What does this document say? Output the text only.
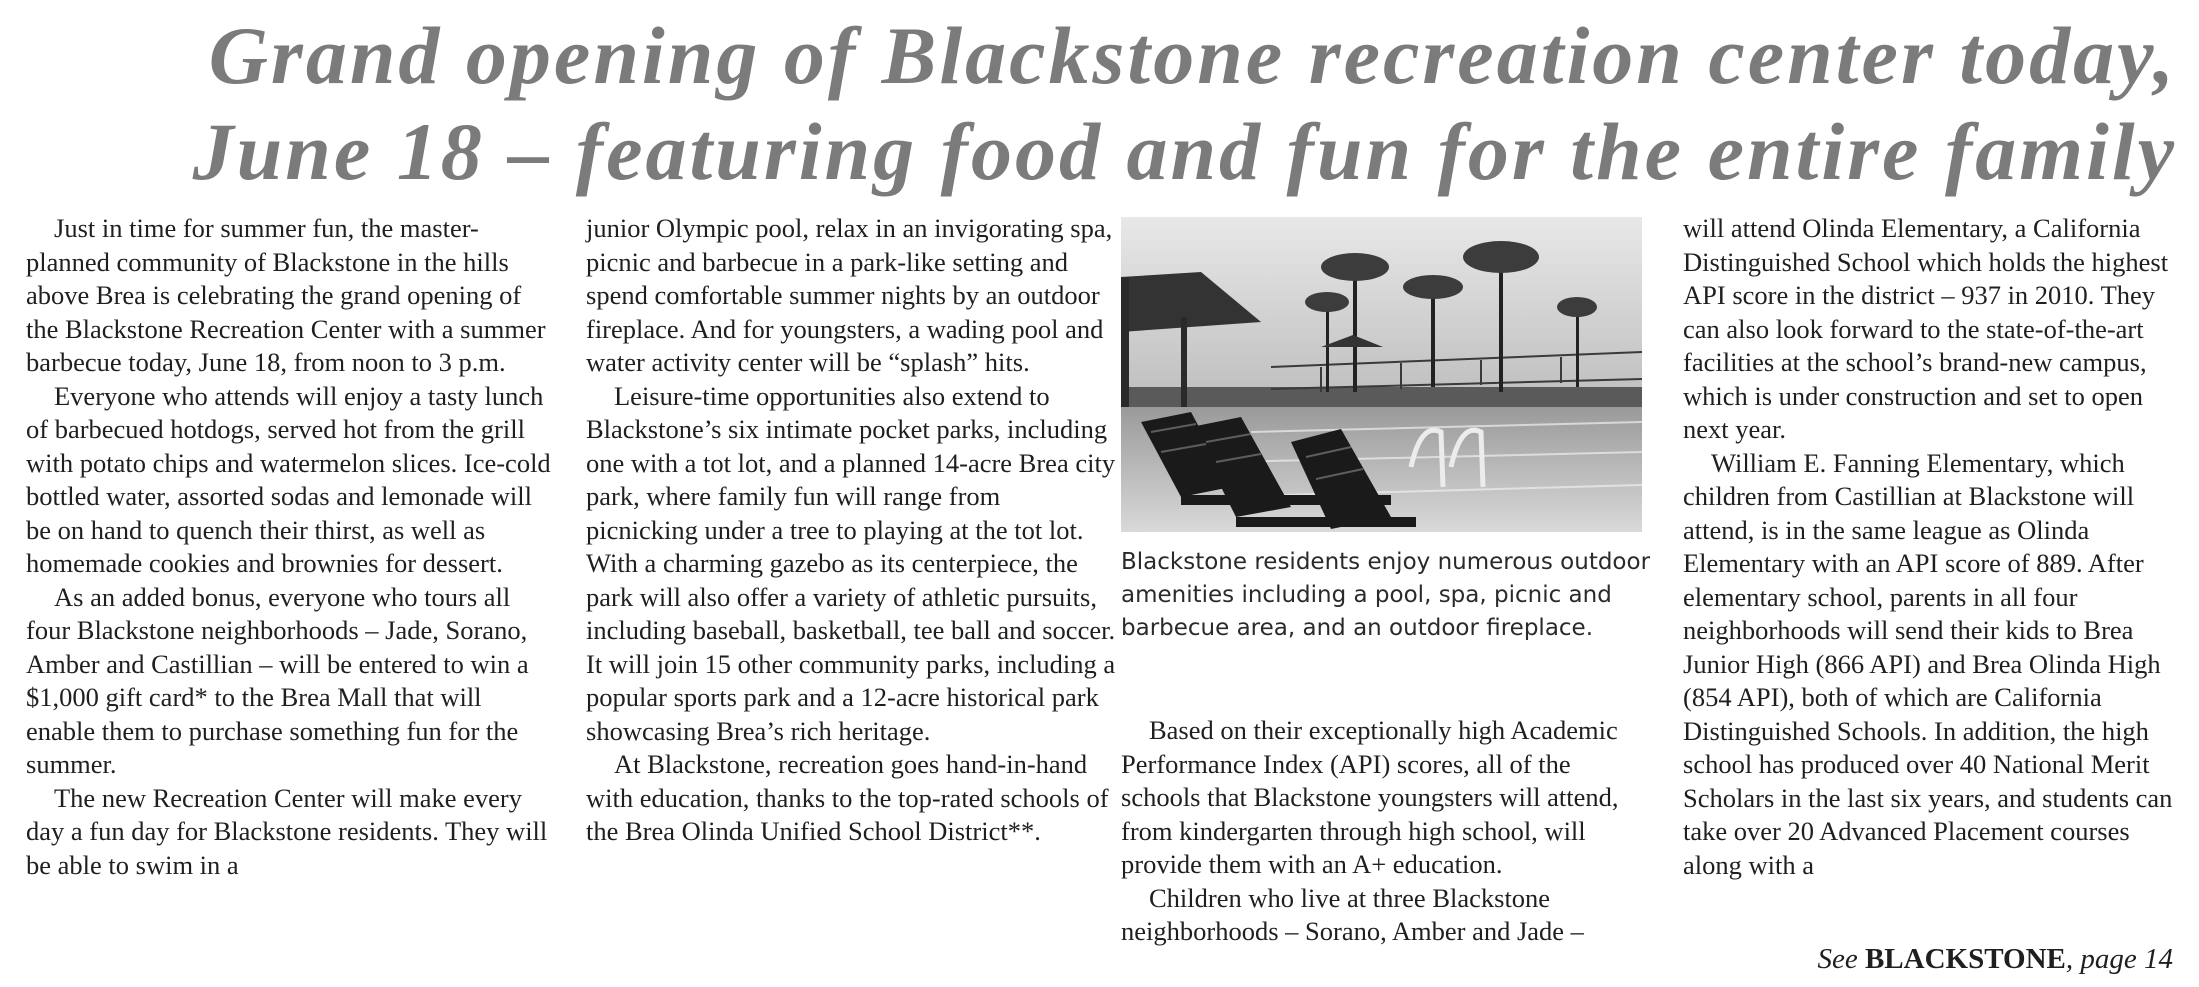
Grand opening of Blackstone recreation center today,
June 18 – featuring food and fun for the entire family

Just in time for summer fun, the master-planned community of Blackstone in the hills above Brea is celebrating the grand opening of the Blackstone Recreation Center with a summer barbecue today, June 18, from noon to 3 p.m.

Everyone who attends will enjoy a tasty lunch of barbecued hotdogs, served hot from the grill with potato chips and watermelon slices. Ice-cold bottled water, assorted sodas and lemonade will be on hand to quench their thirst, as well as homemade cookies and brownies for dessert.

As an added bonus, everyone who tours all four Blackstone neighborhoods – Jade, Sorano, Amber and Castillian – will be entered to win a $1,000 gift card* to the Brea Mall that will enable them to purchase something fun for the summer.

The new Recreation Center will make every day a fun day for Blackstone residents. They will be able to swim in a

junior Olympic pool, relax in an invigorating spa, picnic and barbecue in a park-like setting and spend comfortable summer nights by an outdoor fireplace. And for youngsters, a wading pool and water activity center will be “splash” hits.

Leisure-time opportunities also extend to Blackstone’s six intimate pocket parks, including one with a tot lot, and a planned 14-acre Brea city park, where family fun will range from picnicking under a tree to playing at the tot lot. With a charming gazebo as its centerpiece, the park will also offer a variety of athletic pursuits, including baseball, basketball, tee ball and soccer. It will join 15 other community parks, including a popular sports park and a 12-acre historical park showcasing Brea’s rich heritage.

At Blackstone, recreation goes hand-in-hand with education, thanks to the top-rated schools of the Brea Olinda Unified School District**.

Blackstone residents enjoy numerous outdoor amenities including a pool, spa, picnic and barbecue area, and an outdoor fireplace.

Based on their exceptionally high Academic Performance Index (API) scores, all of the schools that Blackstone youngsters will attend, from kindergarten through high school, will provide them with an A+ education.

Children who live at three Blackstone neighborhoods – Sorano, Amber and Jade –

will attend Olinda Elementary, a California Distinguished School which holds the highest API score in the district – 937 in 2010. They can also look forward to the state-of-the-art facilities at the school’s brand-new campus, which is under construction and set to open next year.

William E. Fanning Elementary, which children from Castillian at Blackstone will attend, is in the same league as Olinda Elementary with an API score of 889. After elementary school, parents in all four neighborhoods will send their kids to Brea Junior High (866 API) and Brea Olinda High (854 API), both of which are California Distinguished Schools. In addition, the high school has produced over 40 National Merit Scholars in the last six years, and students can take over 20 Advanced Placement courses along with a

See BLACKSTONE, page 14
